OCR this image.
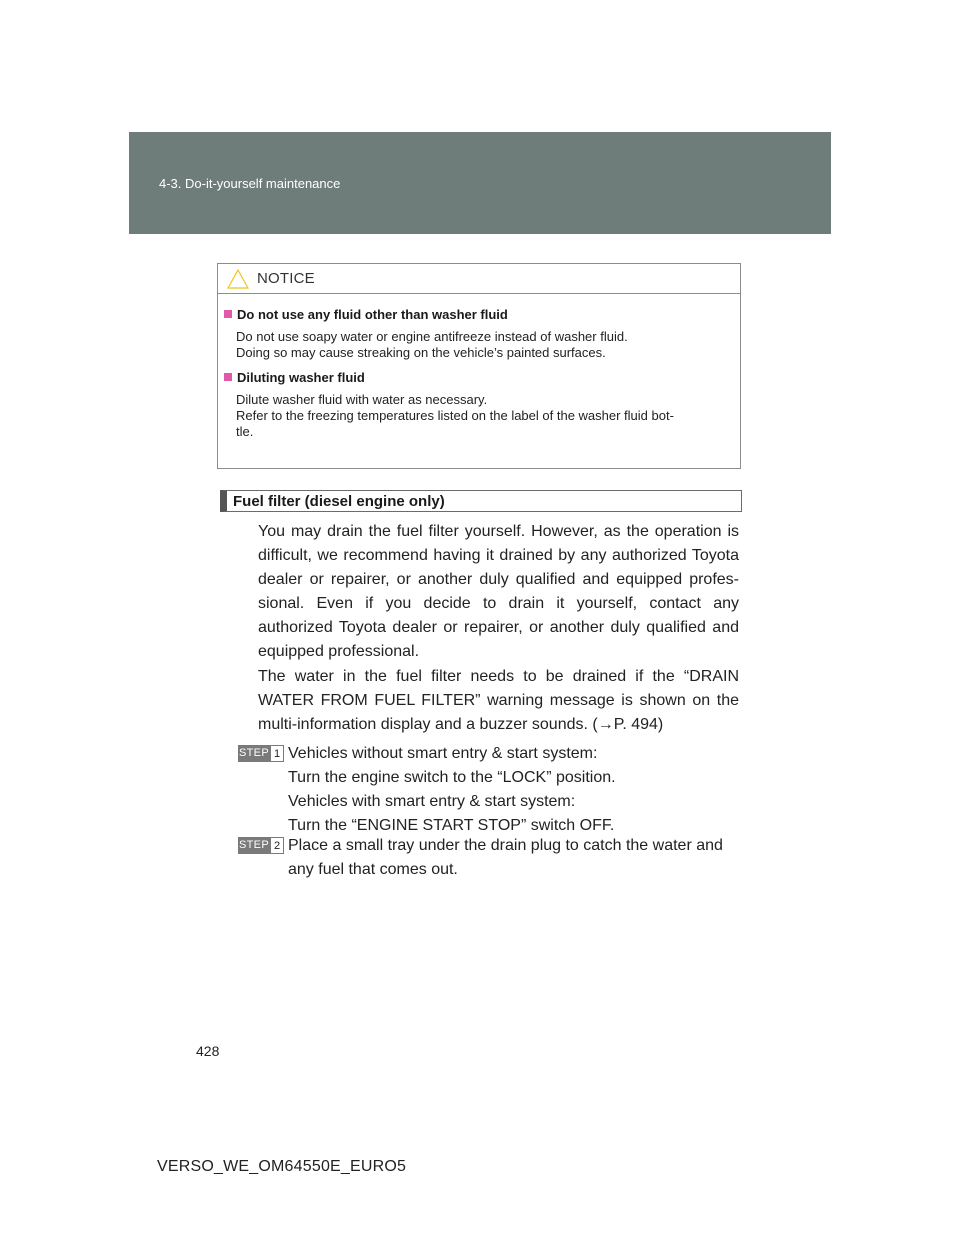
4-3. Do-it-yourself maintenance
NOTICE
Do not use any fluid other than washer fluid
Do not use soapy water or engine antifreeze instead of washer fluid.
Doing so may cause streaking on the vehicle’s painted surfaces.
Diluting washer fluid
Dilute washer fluid with water as necessary.
Refer to the freezing temperatures listed on the label of the washer fluid bot-
tle.
Fuel filter (diesel engine only)
You may drain the fuel filter yourself. However, as the operation is difficult, we recommend having it drained by any authorized Toyota dealer or repairer, or another duly qualified and equipped professional. Even if you decide to drain it yourself, contact any authorized Toyota dealer or repairer, or another duly qualified and equipped professional.
The water in the fuel filter needs to be drained if the “DRAIN WATER FROM FUEL FILTER” warning message is shown on the multi-information display and a buzzer sounds. (→P. 494)
STEP 1 Vehicles without smart entry & start system:
Turn the engine switch to the “LOCK” position.
Vehicles with smart entry & start system:
Turn the “ENGINE START STOP” switch OFF.
STEP 2 Place a small tray under the drain plug to catch the water and any fuel that comes out.
428
VERSO_WE_OM64550E_EURO5
